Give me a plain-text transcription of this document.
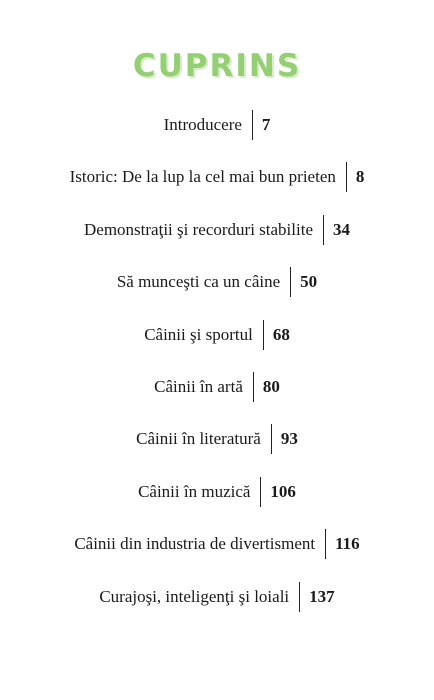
CUPRINS
Introducere 7
Istoric: De la lup la cel mai bun prieten 8
Demonstraţii şi recorduri stabilite 34
Să munceşti ca un câine 50
Câinii şi sportul 68
Câinii în artă 80
Câinii în literatură 93
Câinii în muzică 106
Câinii din industria de divertisment 116
Curajoşi, inteligenţi şi loiali 137
